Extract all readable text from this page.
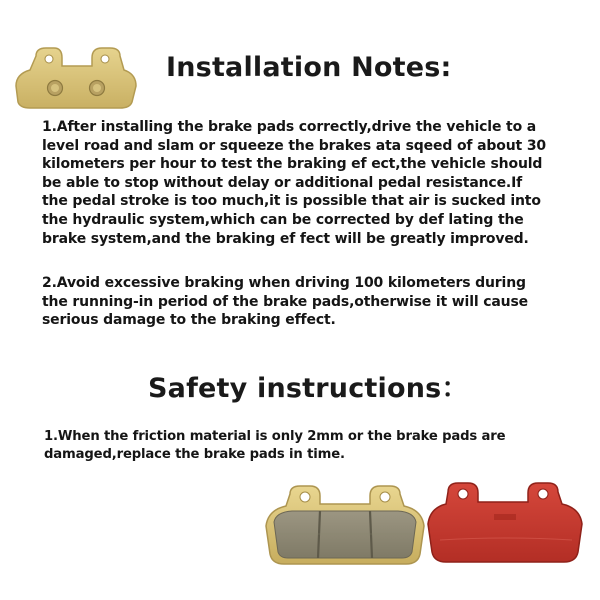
Installation Notes:

1.After installing the brake pads correctly,drive the vehicle to a
level road and slam or squeeze the brakes ata sqeed of about 30
kilometers per hour to test the braking ef ect,the vehicle should
be able to stop without delay or additional pedal resistance.If
the pedal stroke is too much,it is possible that air is sucked into
the hydraulic system,which can be corrected by def lating the
brake system,and the braking ef fect will be greatly improved.

2.Avoid excessive braking when driving 100 kilometers during
the running-in period of the brake pads,otherwise it will cause
serious damage to the braking effect.

Safety instructions：

1.When the friction material is only 2mm or the brake pads are
damaged,replace the brake pads in time.
